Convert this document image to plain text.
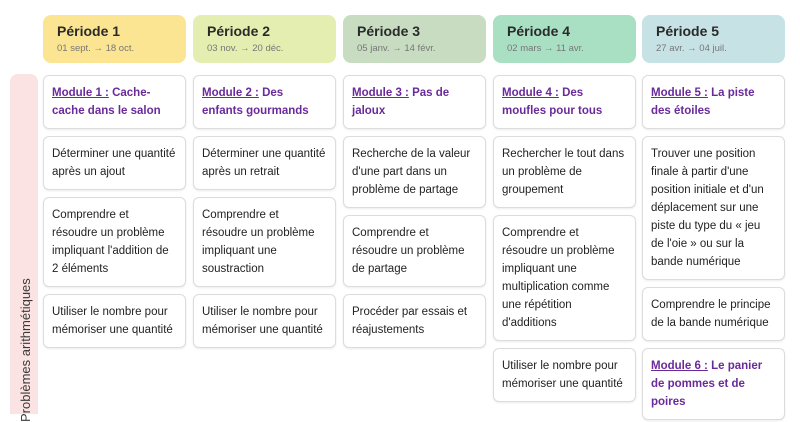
Problèmes arithmétiques
Période 1
01 sept. → 18 oct.
Module 1 : Cache-cache dans le salon
Déterminer une quantité après un ajout
Comprendre et résoudre un problème impliquant l'addition de 2 éléments
Utiliser le nombre pour mémoriser une quantité
Période 2
03 nov. → 20 déc.
Module 2 : Des enfants gourmands
Déterminer une quantité après un retrait
Comprendre et résoudre un problème impliquant une soustraction
Utiliser le nombre pour mémoriser une quantité
Période 3
05 janv. → 14 févr.
Module 3 : Pas de jaloux
Recherche de la valeur d'une part dans un problème de partage
Comprendre et résoudre un problème de partage
Procéder par essais et réajustements
Période 4
02 mars → 11 avr.
Module 4 : Des moufles pour tous
Rechercher le tout dans un problème de groupement
Comprendre et résoudre un problème impliquant une multiplication comme une répétition d'additions
Utiliser le nombre pour mémoriser une quantité
Période 5
27 avr. → 04 juil.
Module 5 : La piste des étoiles
Trouver une position finale à partir d'une position initiale et d'un déplacement sur une piste du type du « jeu de l'oie » ou sur la bande numérique
Comprendre le principe de la bande numérique
Module 6 : Le panier de pommes et de poires
